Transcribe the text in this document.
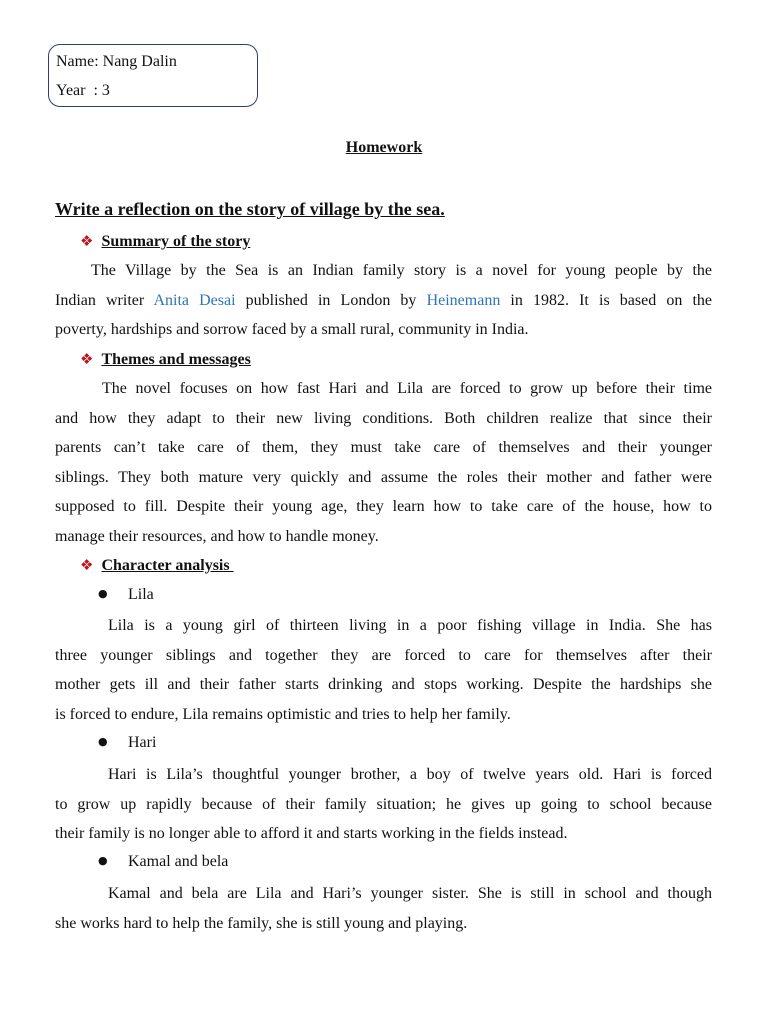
Name: Nang Dalin
Year  : 3
Homework
Write a reflection on the story of village by the sea.
❖ Summary of the story
The Village by the Sea is an Indian family story is a novel for young people by the
Indian writer Anita Desai published in London by Heinemann in 1982. It is based on the
poverty, hardships and sorrow faced by a small rural, community in India.
❖ Themes and messages
The novel focuses on how fast Hari and Lila are forced to grow up before their time
and how they adapt to their new living conditions. Both children realize that since their
parents can’t take care of them, they must take care of themselves and their younger
siblings. They both mature very quickly and assume the roles their mother and father were
supposed to fill. Despite their young age, they learn how to take care of the house, how to
manage their resources, and how to handle money.
❖ Character analysis
● Lila
Lila is a young girl of thirteen living in a poor fishing village in India. She has
three younger siblings and together they are forced to care for themselves after their
mother gets ill and their father starts drinking and stops working. Despite the hardships she
is forced to endure, Lila remains optimistic and tries to help her family.
● Hari
Hari is Lila’s thoughtful younger brother, a boy of twelve years old. Hari is forced
to grow up rapidly because of their family situation; he gives up going to school because
their family is no longer able to afford it and starts working in the fields instead.
● Kamal and bela
Kamal and bela are Lila and Hari’s younger sister. She is still in school and though
she works hard to help the family, she is still young and playing.
